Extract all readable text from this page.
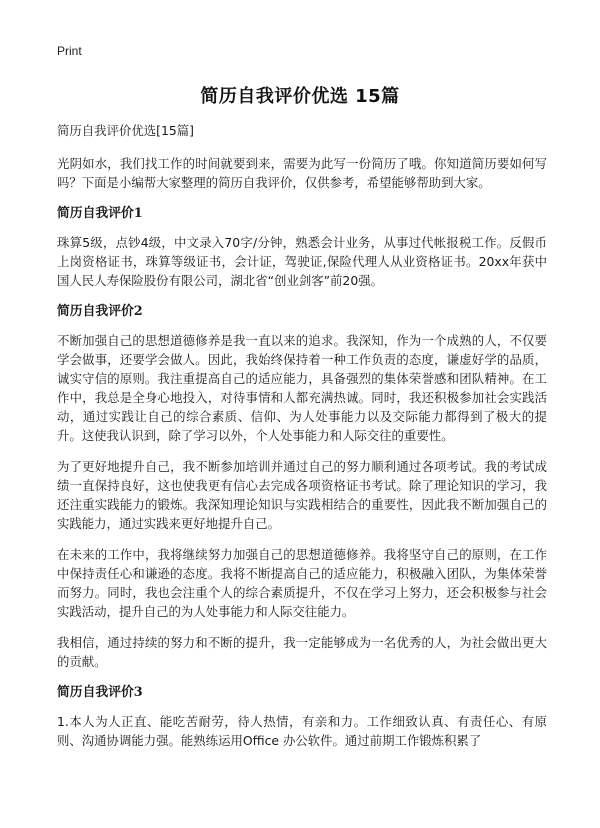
Print
简历自我评价优选 15篇

简历自我评价优选[15篇]

光阴如水，我们找工作的时间就要到来，需要为此写一份简历了哦。你知道简历要如何写吗？下面是小编帮大家整理的简历自我评价，仅供参考，希望能够帮助到大家。

简历自我评价1

珠算5级，点钞4级，中文录入70字/分钟，熟悉会计业务，从事过代帐报税工作。反假币上岗资格证书，珠算等级证书，会计证，驾驶证,保险代理人从业资格证书。20xx年获中国人民人寿保险股份有限公司，湖北省“创业剑客”前20强。

简历自我评价2

不断加强自己的思想道德修养是我一直以来的追求。我深知，作为一个成熟的人，不仅要学会做事，还要学会做人。因此，我始终保持着一种工作负责的态度，谦虚好学的品质，诚实守信的原则。我注重提高自己的适应能力，具备强烈的集体荣誉感和团队精神。在工作中，我总是全身心地投入，对待事情和人都充满热诚。同时，我还积极参加社会实践活动，通过实践让自己的综合素质、信仰、为人处事能力以及交际能力都得到了极大的提升。这使我认识到，除了学习以外，个人处事能力和人际交往的重要性。

为了更好地提升自己，我不断参加培训并通过自己的努力顺利通过各项考试。我的考试成绩一直保持良好，这也使我更有信心去完成各项资格证书考试。除了理论知识的学习，我还注重实践能力的锻炼。我深知理论知识与实践相结合的重要性，因此我不断加强自己的实践能力，通过实践来更好地提升自己。

在未来的工作中，我将继续努力加强自己的思想道德修养。我将坚守自己的原则，在工作中保持责任心和谦逊的态度。我将不断提高自己的适应能力，积极融入团队，为集体荣誉而努力。同时，我也会注重个人的综合素质提升，不仅在学习上努力，还会积极参与社会实践活动，提升自己的为人处事能力和人际交往能力。

我相信，通过持续的努力和不断的提升，我一定能够成为一名优秀的人，为社会做出更大的贡献。

简历自我评价3

1.本人为人正直、能吃苦耐劳，待人热情，有亲和力。工作细致认真、有责任心、有原则、沟通协调能力强。能熟练运用Office 办公软件。通过前期工作锻炼积累了
